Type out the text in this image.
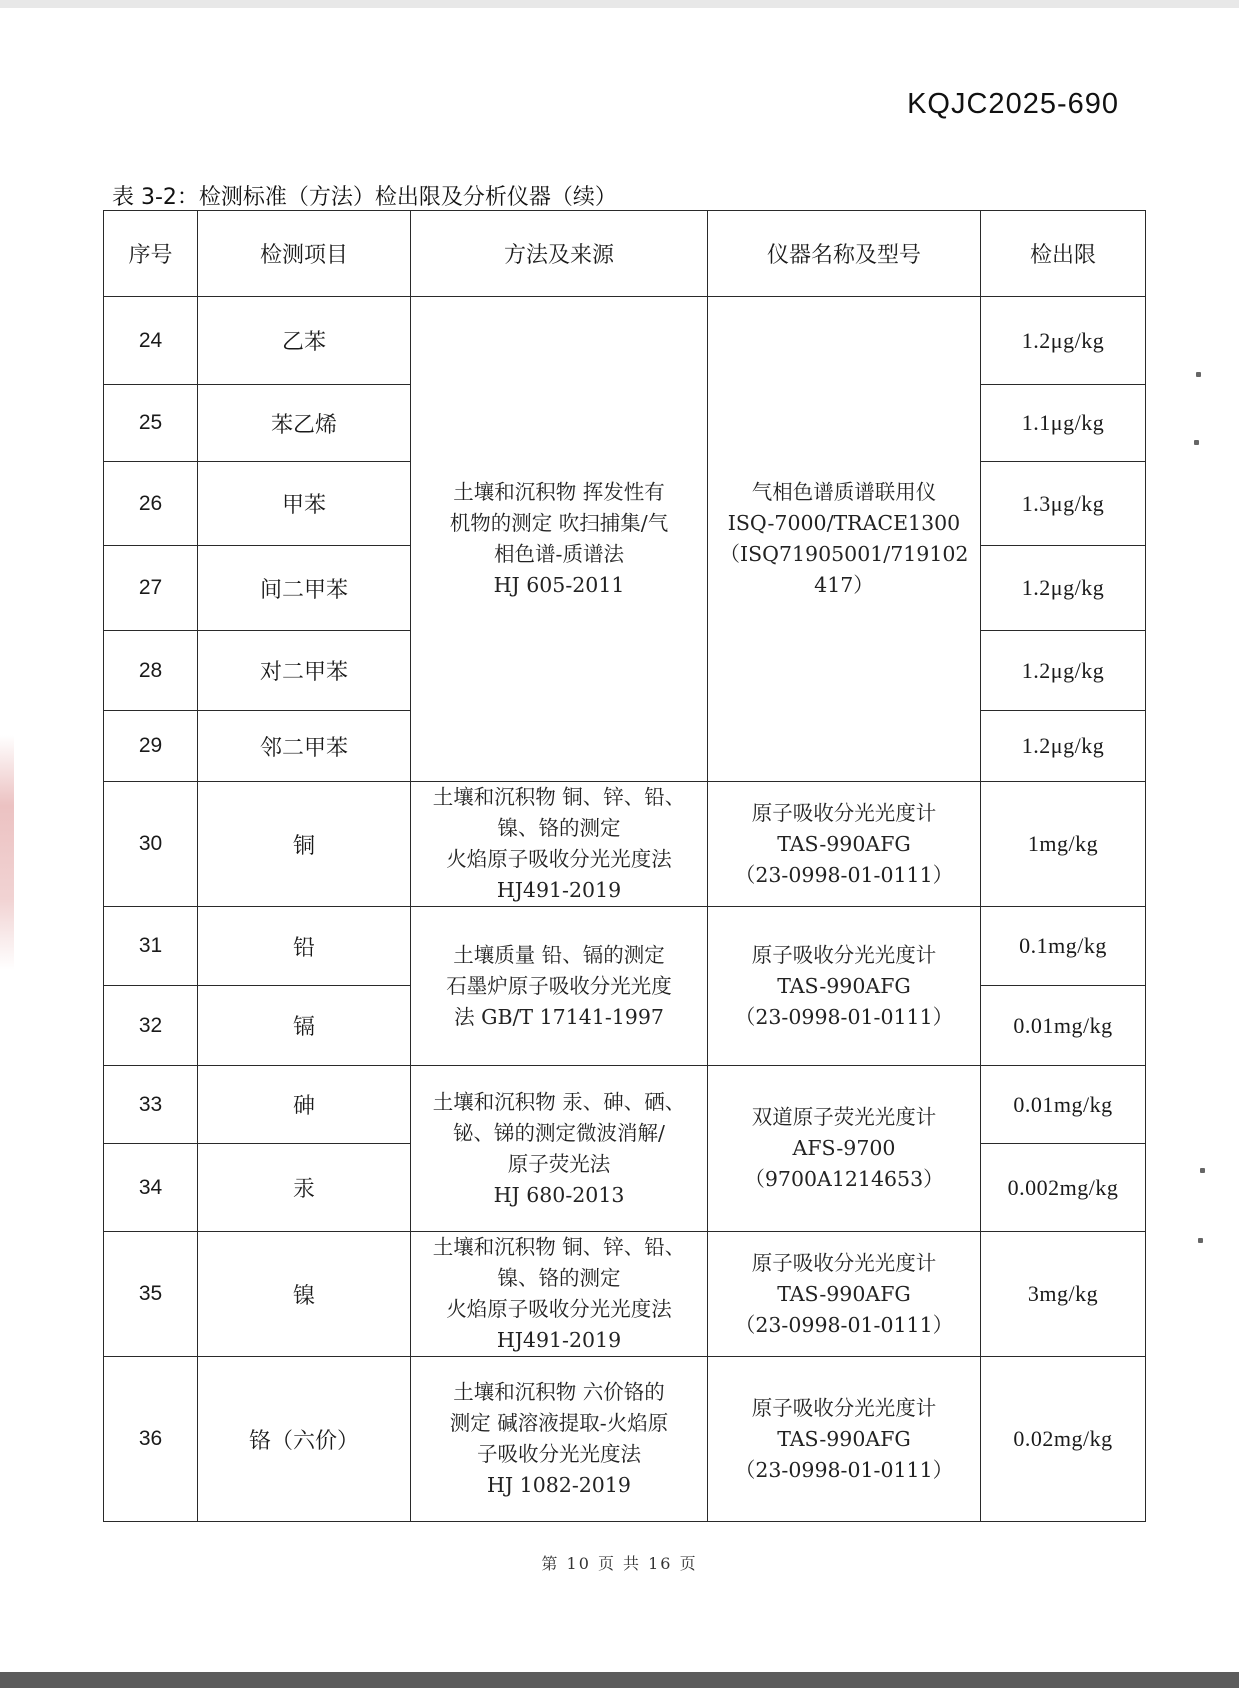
KQJC2025-690
表 3-2：检测标准（方法）检出限及分析仪器（续）
序号	检测项目	方法及来源	仪器名称及型号	检出限
24	乙苯	土壤和沉积物 挥发性有
机物的测定 吹扫捕集/气
相色谱-质谱法
HJ 605-2011	气相色谱质谱联用仪
ISQ-7000/TRACE1300
（ISQ71905001/719102
417）	1.2μg/kg
25	苯乙烯			1.1μg/kg
26	甲苯			1.3μg/kg
27	间二甲苯			1.2μg/kg
28	对二甲苯			1.2μg/kg
29	邻二甲苯			1.2μg/kg
30	铜	土壤和沉积物 铜、锌、铅、
镍、铬的测定
火焰原子吸收分光光度法
HJ491-2019	原子吸收分光光度计
TAS-990AFG
（23-0998-01-0111）	1mg/kg
31	铅	土壤质量 铅、镉的测定
石墨炉原子吸收分光光度
法 GB/T 17141-1997	原子吸收分光光度计
TAS-990AFG
（23-0998-01-0111）	0.1mg/kg
32	镉			0.01mg/kg
33	砷	土壤和沉积物 汞、砷、硒、
铋、锑的测定微波消解/
原子荧光法
HJ 680-2013	双道原子荧光光度计
AFS-9700
（9700A1214653）	0.01mg/kg
34	汞			0.002mg/kg
35	镍	土壤和沉积物 铜、锌、铅、
镍、铬的测定
火焰原子吸收分光光度法
HJ491-2019	原子吸收分光光度计
TAS-990AFG
（23-0998-01-0111）	3mg/kg
36	铬（六价）	土壤和沉积物 六价铬的
测定 碱溶液提取-火焰原
子吸收分光光度法
HJ 1082-2019	原子吸收分光光度计
TAS-990AFG
（23-0998-01-0111）	0.02mg/kg
第 10 页 共 16 页
